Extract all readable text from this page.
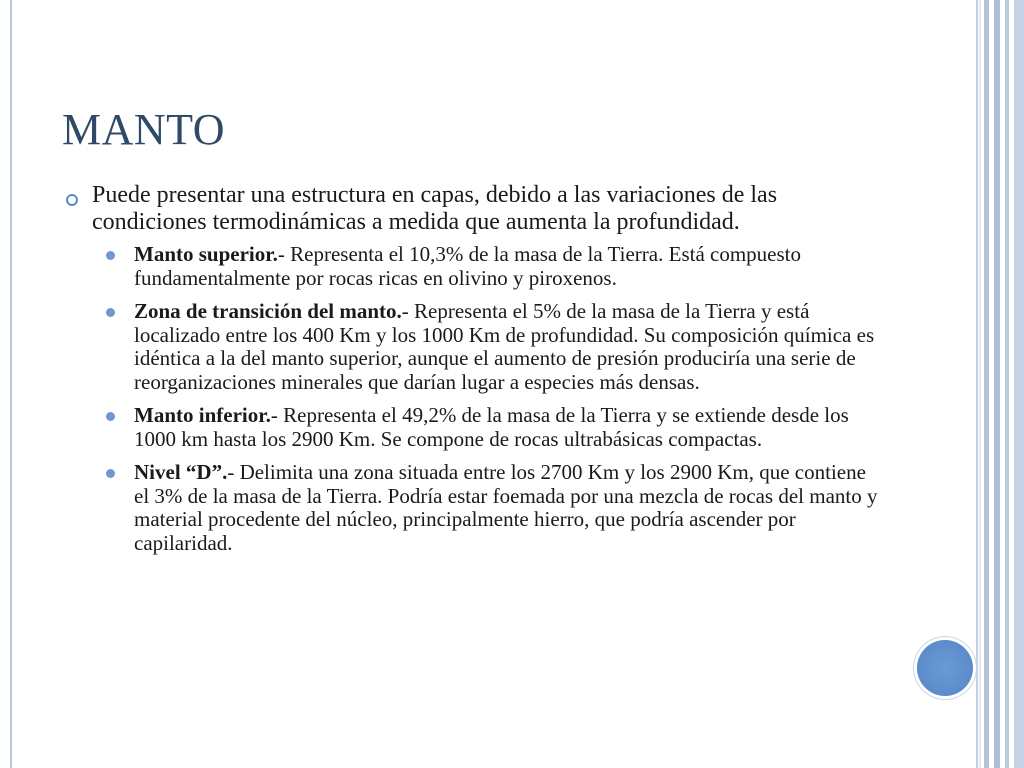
MANTO
Puede presentar una estructura en capas, debido a las variaciones de las condiciones termodinámicas a medida que aumenta la profundidad.
Manto superior.- Representa el 10,3% de la masa de la Tierra. Está compuesto fundamentalmente por rocas ricas en olivino y piroxenos.
Zona de transición del manto.- Representa el 5% de la masa de la Tierra y está localizado entre los 400 Km y los 1000 Km de profundidad. Su composición química es idéntica a la del manto superior, aunque el aumento de presión produciría una serie de reorganizaciones minerales que darían lugar a especies más densas.
Manto inferior.- Representa el 49,2% de la masa de la Tierra y se extiende desde los 1000 km hasta los 2900 Km. Se compone de rocas ultrabásicas compactas.
Nivel “D”.- Delimita una zona situada entre los 2700 Km y los 2900 Km, que contiene el 3% de la masa de la Tierra. Podría estar foemada por una mezcla de rocas del manto y material procedente del núcleo, principalmente hierro, que podría ascender por capilaridad.
